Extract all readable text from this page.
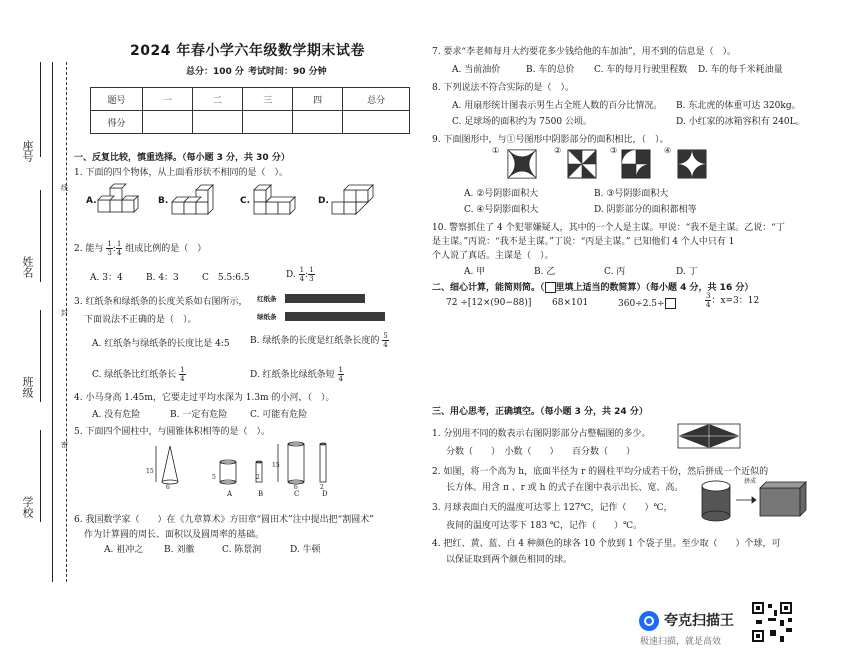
线
封
密
座号
姓名
班级
学校
2024 年春小学六年级数学期末试卷
总分：100 分 考试时间：90 分钟
题号	一	二	三	四	总分
得分					
一、反复比较，慎重选择。（每小题 3 分，共 30 分）
1. 下面的四个物体，从上面看形状不相同的是（　）。
A.	B.	C.	D.
2. 能与 $\frac{1}{3}$ : $\frac{1}{4}$ 组成比例的是（　）
A. 3：4	B. 4：3	C　5.5:6.5	D. $\frac{1}{4}$ : $\frac{1}{3}$
3. 红纸条和绿纸条的长度关系如右图所示，
下面说法不正确的是（　）。
红纸条
绿纸条
A. 红纸条与绿纸条的长度比是 4:5 B. 绿纸条的长度是红纸条长度的 $\frac{5}{4}$
C. 绿纸条比红纸条长 $\frac{1}{4}$	D. 红纸条比绿纸条短 $\frac{1}{4}$
4. 小马身高 1.45m，它要走过平均水深为 1.3m 的小河，（　）。
A. 没有危险	B. 一定有危险	C. 可能有危险
5. 下面四个圆柱中，与圆锥体积相等的是（　）。
15
6
5	2
6
15
2
A	B	C	D
6. 我国数学家（　　）在《九章算术》方田章“圆田术”注中提出把“割圆术”
作为计算圆的周长、面积以及圆周率的基础。
A. 祖冲之 B. 刘徽	C. 陈景润	D. 牛顿
7. 要求“李老师每月大约要花多少钱给他的车加油”，用不到的信息是（　）。
A. 当前油价	B. 车的总价 C. 车的每月行驶里程数 D. 车的每千米耗油量
8. 下列说法不符合实际的是（　）。
A. 用扇形统计图表示男生占全班人数的百分比情况。 B. 东北虎的体重可达 320kg。
C. 足球场的面积约为 7500 公顷。	D. 小红家的冰箱容积有 240L。
9. 下面图形中，与①号图形中阴影部分的面积相比，（　）。
①	②	③	④
A. ②号阴影面积大	B. ③号阴影面积大
C. ④号阴影面积大	D. 阴影部分的面积都相等
10. 警察抓住了 4 个犯罪嫌疑人，其中的一个人是主谋。甲说：“我不是主谋。乙说：“丁
是主谋。”丙说：“我不是主谋。”丁说：“丙是主谋。” 已知他们 4 个人中只有 1
个人说了真话。主谋是（　）。
A. 甲	B. 乙	C. 丙	D. 丁
二、细心计算，能简则简。（ 里填上适当的数简算）（每小题 4 分，共 16 分）
72 ÷[12×(90−88)] 68×101	360÷2.5÷	$\frac{3}{4}$ ：x=3：12
三、用心思考，正确填空。（每小题 3 分，共 24 分）
1. 分别用不同的数表示右图阴影部分占整幅图的多少。
分数（　　）　小数（　　）　　百分数（　　）
2. 如图，将一个高为 h，底面半径为 r 的圆柱平均分成若干份，然后拼成一个近似的
长方体。用含 π 、r 或 h 的式子在图中表示出长、宽、高。
拼成
3. 月球表面白天的温度可达零上 127℃，记作（　　）℃，
夜间的温度可达零下 183 ℃，记作（　　）℃。
4. 把红、黄、蓝、白 4 种颜色的球各 10 个放到 1 个袋子里。至少取（　　）个球，可
以保证取到两个颜色相同的球。
夸克扫描王
极速扫描，就是高效
